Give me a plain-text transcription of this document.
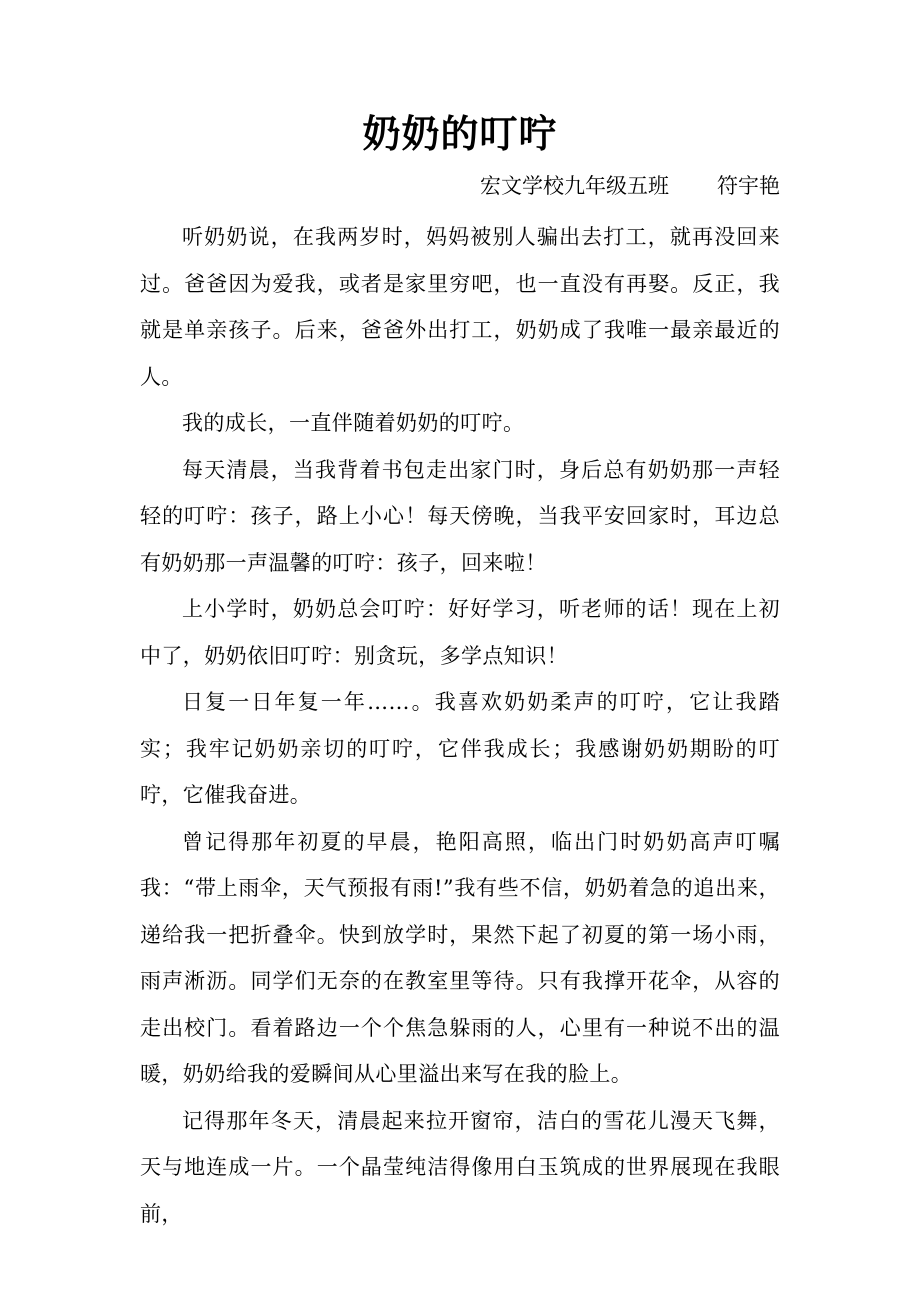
奶奶的叮咛
宏文学校九年级五班 符宇艳

听奶奶说，在我两岁时，妈妈被别人骗出去打工，就再没回来过。爸爸因为爱我，或者是家里穷吧，也一直没有再娶。反正，我就是单亲孩子。后来，爸爸外出打工，奶奶成了我唯一最亲最近的人。

我的成长，一直伴随着奶奶的叮咛。

每天清晨，当我背着书包走出家门时，身后总有奶奶那一声轻轻的叮咛：孩子，路上小心！每天傍晚，当我平安回家时，耳边总有奶奶那一声温馨的叮咛：孩子，回来啦！

上小学时，奶奶总会叮咛：好好学习，听老师的话！现在上初中了，奶奶依旧叮咛：别贪玩，多学点知识！

日复一日年复一年……。我喜欢奶奶柔声的叮咛，它让我踏实；我牢记奶奶亲切的叮咛，它伴我成长；我感谢奶奶期盼的叮咛，它催我奋进。

曾记得那年初夏的早晨，艳阳高照，临出门时奶奶高声叮嘱我：“带上雨伞，天气预报有雨!”我有些不信，奶奶着急的追出来，递给我一把折叠伞。快到放学时，果然下起了初夏的第一场小雨，雨声淅沥。同学们无奈的在教室里等待。只有我撑开花伞，从容的走出校门。看着路边一个个焦急躲雨的人，心里有一种说不出的温暖，奶奶给我的爱瞬间从心里溢出来写在我的脸上。

记得那年冬天，清晨起来拉开窗帘，洁白的雪花儿漫天飞舞，天与地连成一片。一个晶莹纯洁得像用白玉筑成的世界展现在我眼前，
